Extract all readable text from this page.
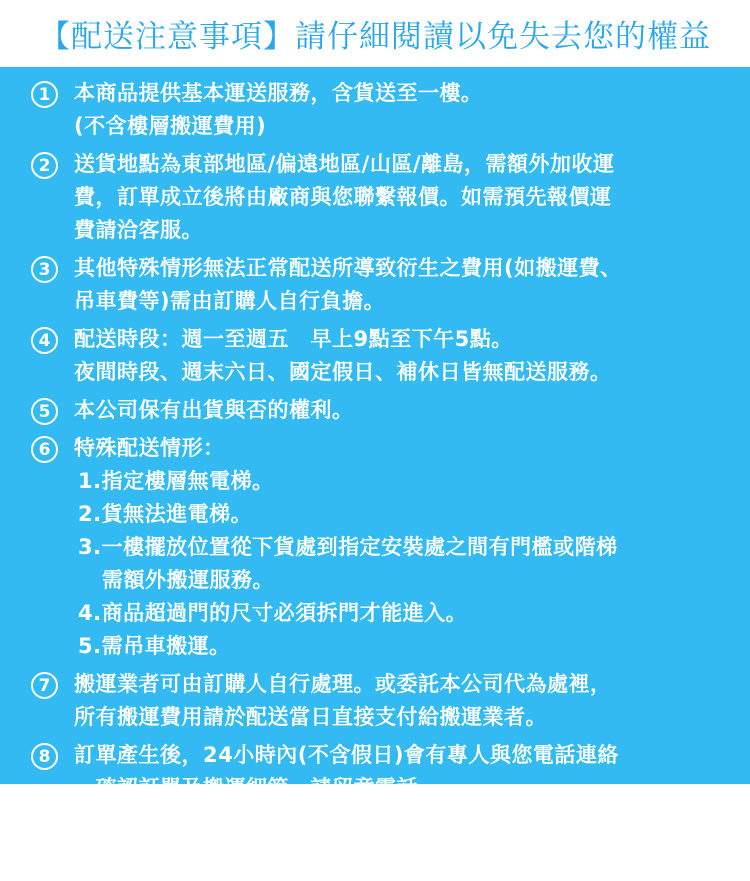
【配送注意事項】請仔細閱讀以免失去您的權益
1	本商品提供基本運送服務，含貨送至一樓。
(不含樓層搬運費用)
2	送貨地點為東部地區/偏遠地區/山區/離島，需額外加收運
費，訂單成立後將由廠商與您聯繫報價。如需預先報價運
費請洽客服。
3	其他特殊情形無法正常配送所導致衍生之費用(如搬運費、
吊車費等)需由訂購人自行負擔。
4	配送時段：週一至週五　早上9點至下午5點。
夜間時段、週末六日、國定假日、補休日皆無配送服務。
5	本公司保有出貨與否的權利。
6	特殊配送情形：
1.指定樓層無電梯。
2.貨無法進電梯。
3.一樓擺放位置從下貨處到指定安裝處之間有門檻或階梯
需額外搬運服務。
4.商品超過門的尺寸必須拆門才能進入。
5.需吊車搬運。
7	搬運業者可由訂購人自行處理。或委託本公司代為處裡，
所有搬運費用請於配送當日直接支付給搬運業者。
8	訂單產生後，24小時內(不含假日)會有專人與您電話連絡
9	商品於配送完成後，如欲辦理退換貨，因延生運費/搬運/
吊車費用為已發生之勞動服務，請恕無法退還。
